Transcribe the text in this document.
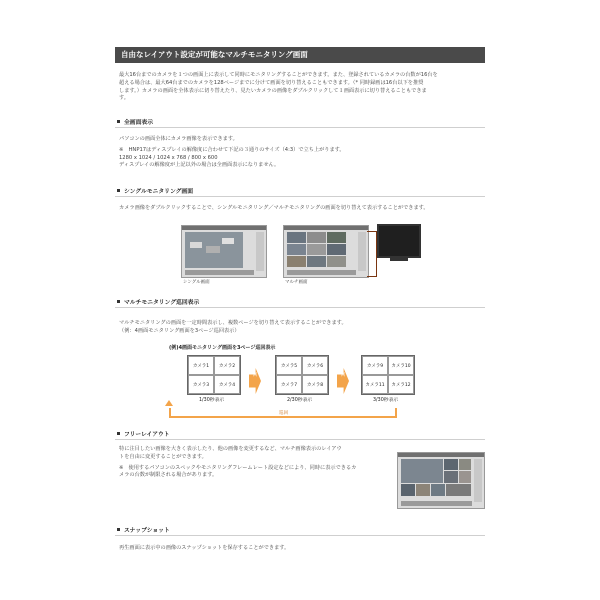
自由なレイアウト設定が可能なマルチモニタリング画面
最大16台までのカメラを１つの画面上に表示して同時にモニタリングすることができます。また、登録されているカメラの台数が16台を
超える場合は、最大64台までのカメラを128ページまでに分けて画面を切り替えることもできます。（* 同時録画は16台以下を推奨
します。）カメラの画面を全体表示に切り替えたり、見たいカメラの画像をダブルクリックして１画面表示に切り替えることもできま
す。
全画面表示
パソコンの画面全体にカメラ画像を表示できます。
※　HNP17はディスプレイの解像度に合わせて下記の３通りのサイズ（4:3）で立ち上がります。
1280 x 1024 / 1024 x 768 / 800 x 600
ディスプレイの解像度が上記以外の場合は全画面表示になりません。
シングルモニタリング画面
カメラ画像をダブルクリックすることで、シングルモニタリング／マルチモニタリングの画面を切り替えて表示することができます。
シングル画面	マルチ画面
マルチモニタリング巡回表示
マルチモニタリングの画面を一定時間表示し、複数ページを切り替えて表示することができます。
（例：4画面モニタリング画面を3ページ巡回表示）
(例)4画面モニタリング画面を3ページ巡回表示
カメラ1	カメラ2
カメラ3	カメラ4
1/30秒表示
巡回
カメラ5	カメラ6
カメラ7	カメラ8
2/30秒表示
巡回
カメラ9	カメラ10
カメラ11	カメラ12
3/30秒表示
巡回
フリーレイアウト
特に注目したい画像を大きく表示したり、他の画像を変更するなど、マルチ画像表示のレイアウ
トを自由に変更することができます。
※　使用するパソコンのスペックやモニタリングフレームレート設定などにより、同時に表示できるカ
メラの台数が制限される場合があります。
スナップショット
再生画面に表示中の画像のスナップショットを保存することができます。
